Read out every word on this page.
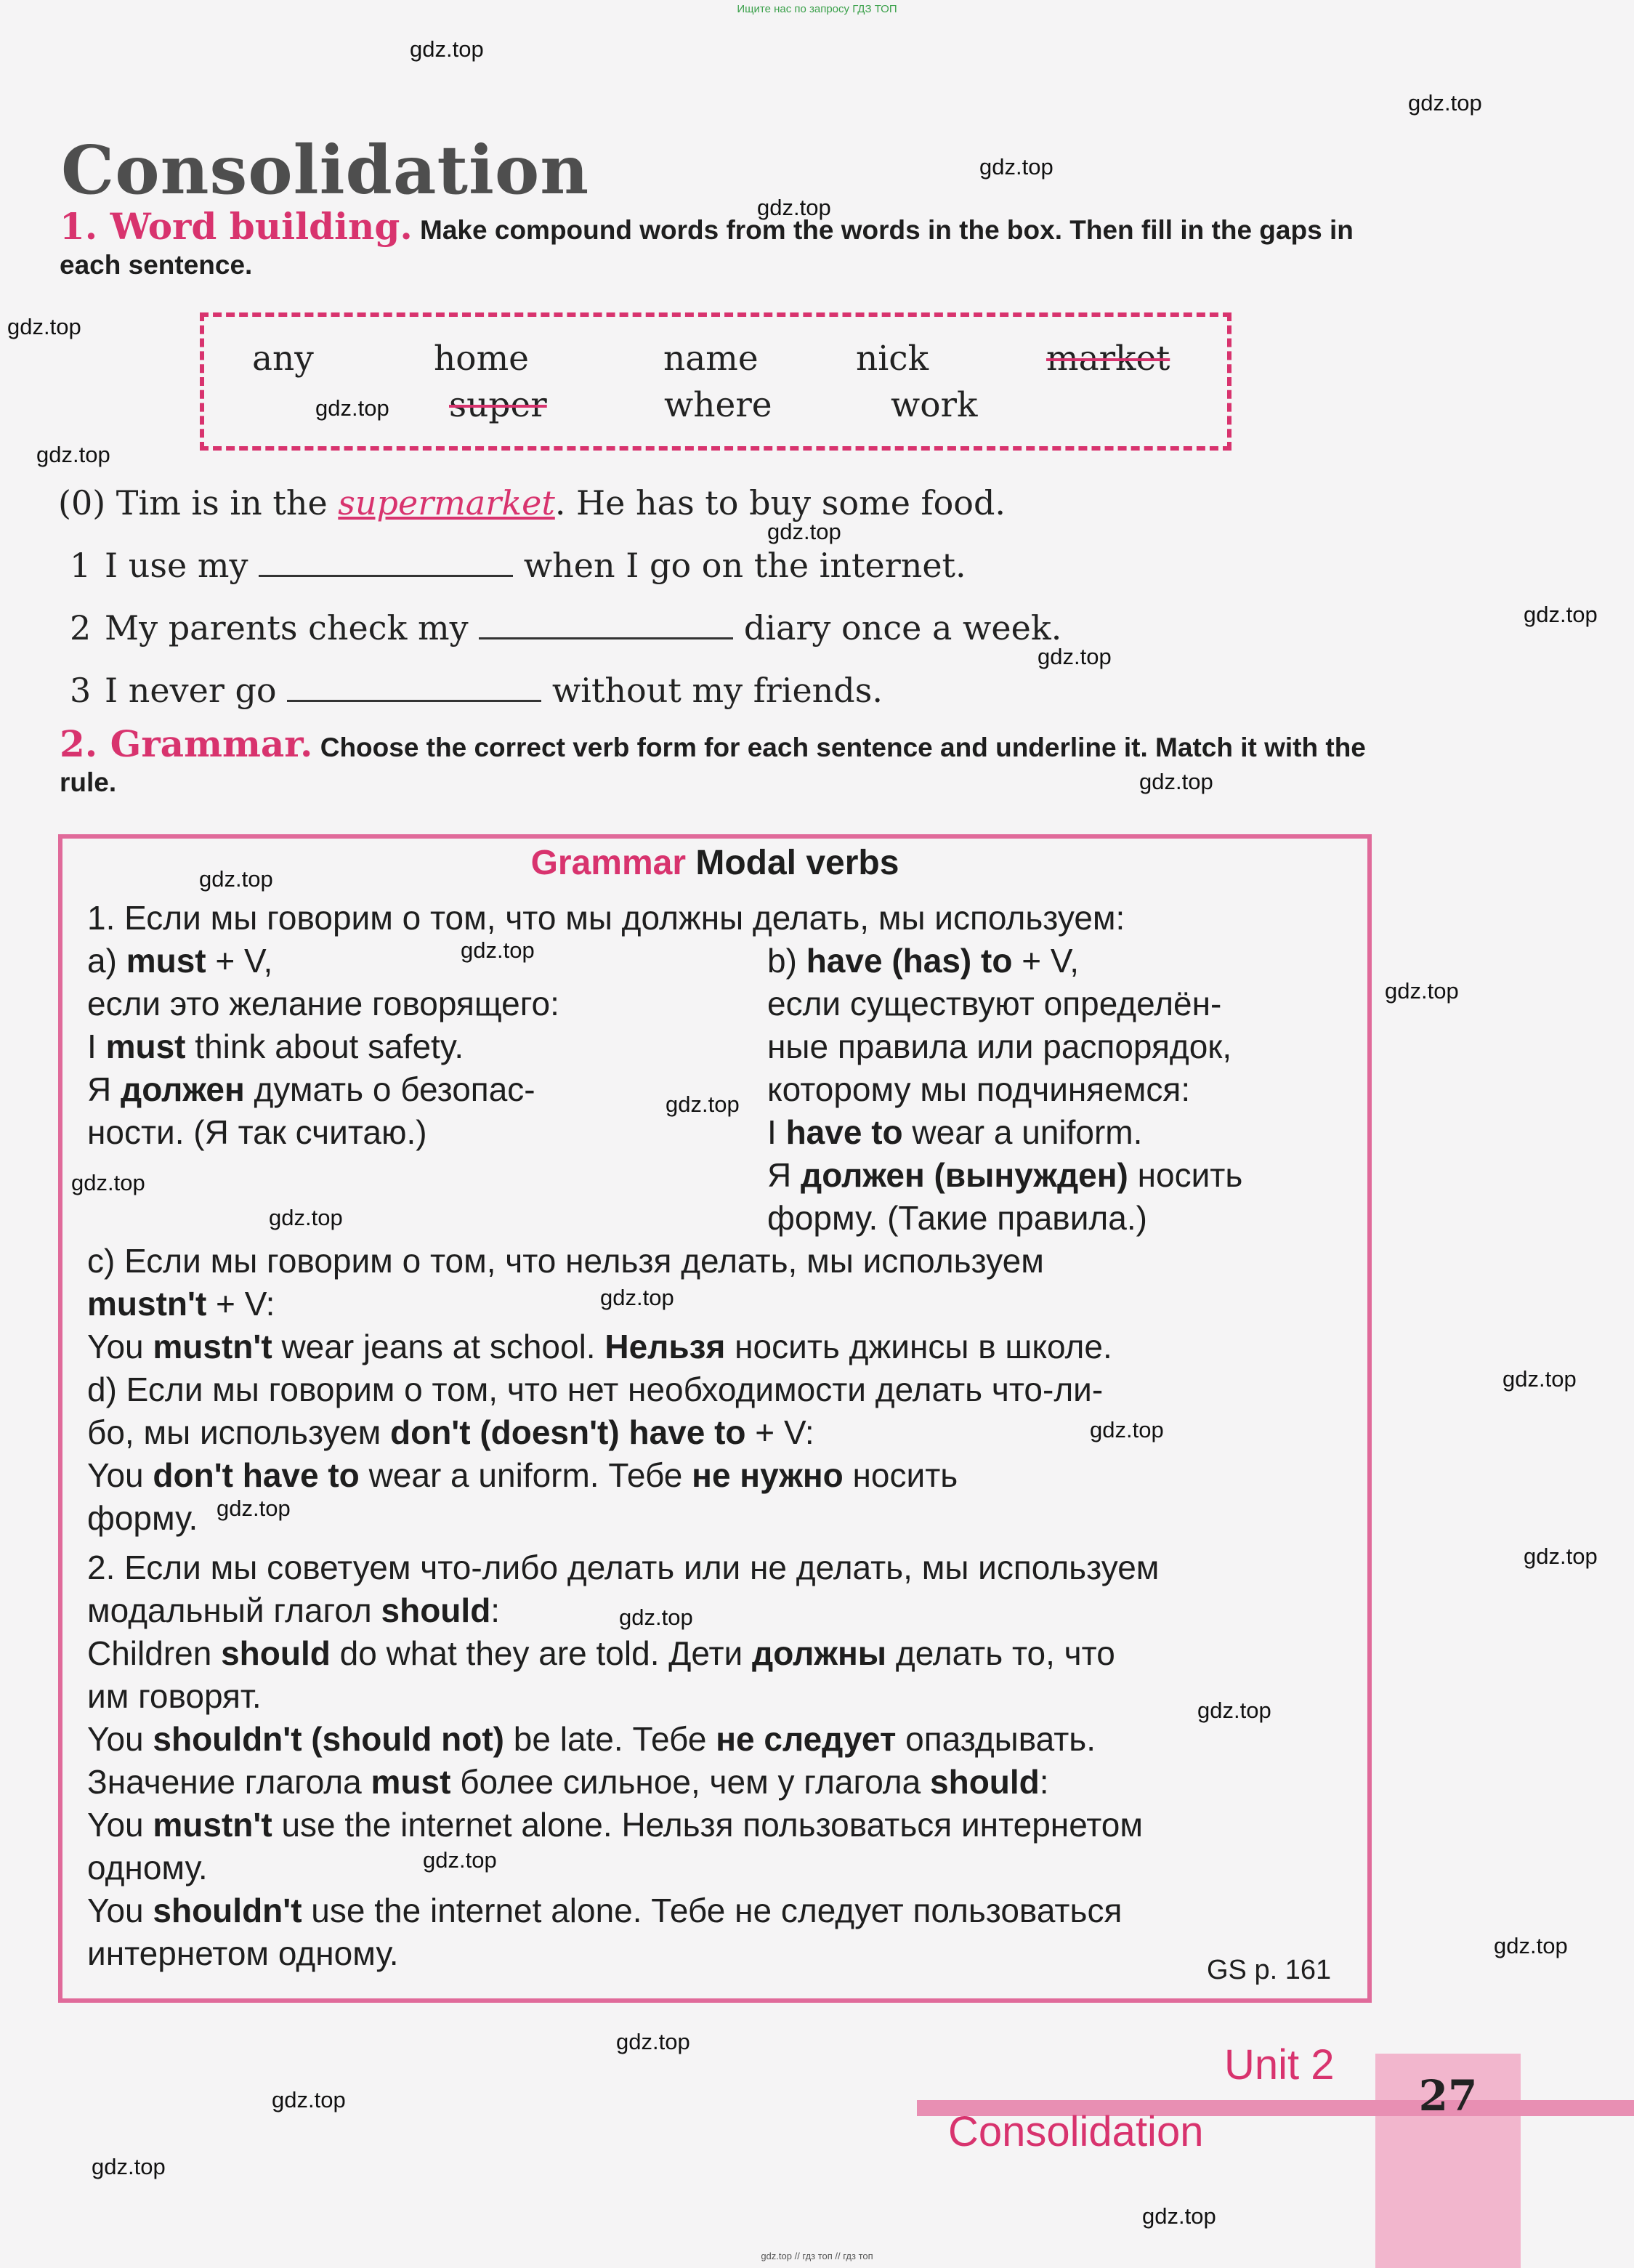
Ищите нас по запросу ГДЗ ТОП
gdz.top
gdz.top
gdz.top
gdz.top
gdz.top
gdz.top
gdz.top
gdz.top
gdz.top
gdz.top
gdz.top
gdz.top
gdz.top
gdz.top
gdz.top
gdz.top
gdz.top
gdz.top
gdz.top
gdz.top
gdz.top
gdz.top
gdz.top
gdz.top
gdz.top
gdz.top
gdz.top
gdz.top
gdz.top
gdz.top
Consolidation
1. Word building. Make compound words from the words in the box. Then fill in the gaps in each sentence.
any	home	name	nick	market
super	where	work
(0) Tim is in the supermarket. He has to buy some food.
1 I use my	when I go on the internet.
2 My parents check my	diary once a week.
3 I never go	without my friends.
2. Grammar. Choose the correct verb form for each sentence and underline it. Match it with the rule.
Grammar Modal verbs
1. Если мы говорим о том, что мы должны делать, мы используем:
а) must + V,
если это желание говорящего:
I must think about safety.
Я должен думать о безопас-
ности. (Я так считаю.)
b) have (has) to + V,
если существуют определён-
ные правила или распорядок,
которому мы подчиняемся:
I have to wear a uniform.
Я должен (вынужден) носить
форму. (Такие правила.)
c) Если мы говорим о том, что нельзя делать, мы используем
mustn't + V:
You mustn't wear jeans at school. Нельзя носить джинсы в школе.
d) Если мы говорим о том, что нет необходимости делать что-ли-
бо, мы используем don't (doesn't) have to + V:
You don't have to wear a uniform. Тебе не нужно носить
форму.
2. Если мы советуем что-либо делать или не делать, мы используем
модальный глагол should:
Children should do what they are told. Дети должны делать то, что
им говорят.
You shouldn't (should not) be late. Тебе не следует опаздывать.
Значение глагола must более сильное, чем у глагола should:
You mustn't use the internet alone. Нельзя пользоваться интернетом
одному.
You shouldn't use the internet alone. Тебе не следует пользоваться
интернетом одному.	GS p. 161
Unit 2
Consolidation
27
gdz.top // гдз топ // гдз топ
